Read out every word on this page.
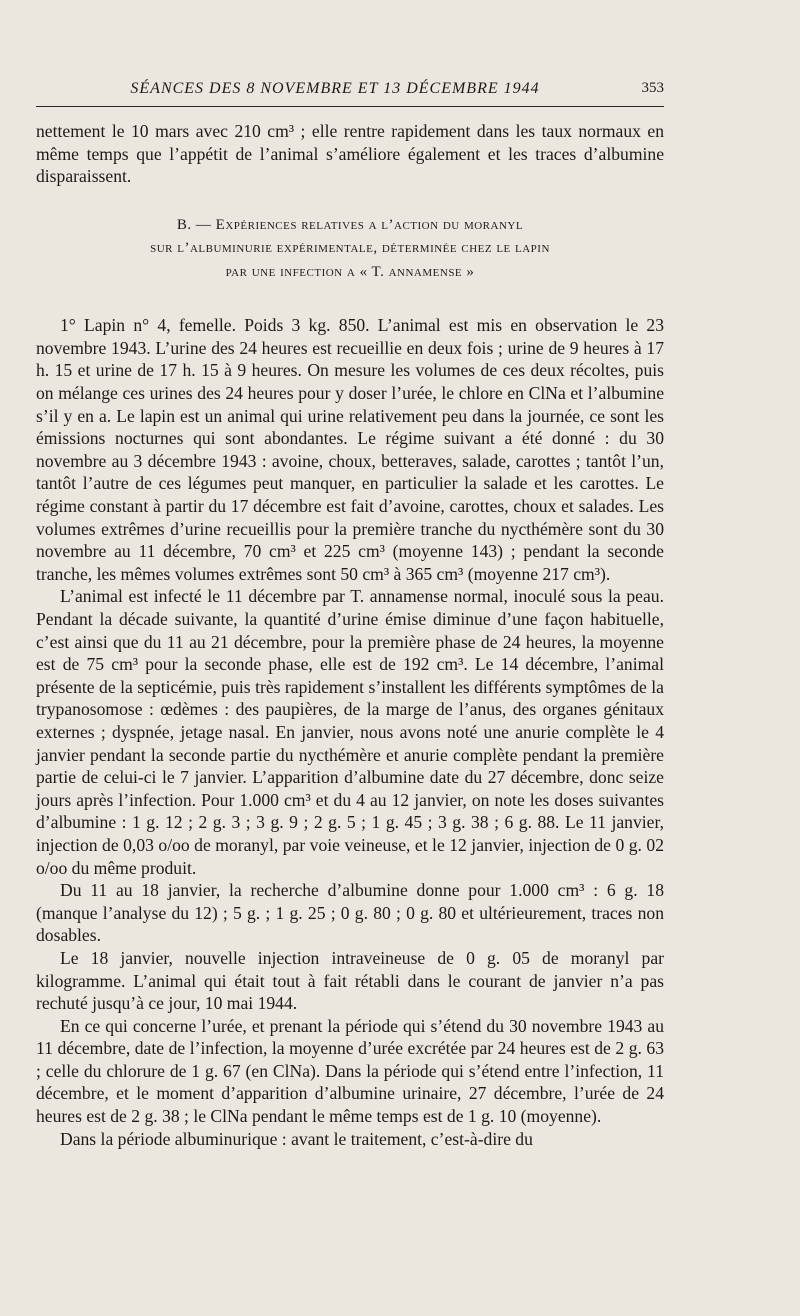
SÉANCES DES 8 NOVEMBRE ET 13 DÉCEMBRE 1944	353

nettement le 10 mars avec 210 cm³ ; elle rentre rapidement dans les taux normaux en même temps que l’appétit de l’animal s’améliore également et les traces d’albumine disparaissent.

B. — Expériences relatives a l’action du moranyl
sur l’albuminurie expérimentale, déterminée chez le lapin
par une infection a « T. annamense »

1° Lapin n° 4, femelle. Poids 3 kg. 850. L’animal est mis en observation le 23 novembre 1943. L’urine des 24 heures est recueillie en deux fois ; urine de 9 heures à 17 h. 15 et urine de 17 h. 15 à 9 heures. On mesure les volumes de ces deux récoltes, puis on mélange ces urines des 24 heures pour y doser l’urée, le chlore en ClNa et l’albumine s’il y en a. Le lapin est un animal qui urine relativement peu dans la journée, ce sont les émissions nocturnes qui sont abondantes. Le régime suivant a été donné : du 30 novembre au 3 décembre 1943 : avoine, choux, betteraves, salade, carottes ; tantôt l’un, tantôt l’autre de ces légumes peut manquer, en particulier la salade et les carottes. Le régime constant à partir du 17 décembre est fait d’avoine, carottes, choux et salades. Les volumes extrêmes d’urine recueillis pour la première tranche du nycthémère sont du 30 novembre au 11 décembre, 70 cm³ et 225 cm³ (moyenne 143) ; pendant la seconde tranche, les mêmes volumes extrêmes sont 50 cm³ à 365 cm³ (moyenne 217 cm³).

L’animal est infecté le 11 décembre par T. annamense normal, inoculé sous la peau. Pendant la décade suivante, la quantité d’urine émise diminue d’une façon habituelle, c’est ainsi que du 11 au 21 décembre, pour la première phase de 24 heures, la moyenne est de 75 cm³ pour la seconde phase, elle est de 192 cm³. Le 14 décembre, l’animal présente de la septicémie, puis très rapidement s’installent les différents symptômes de la trypanosomose : œdèmes : des paupières, de la marge de l’anus, des organes génitaux externes ; dyspnée, jetage nasal. En janvier, nous avons noté une anurie complète le 4 janvier pendant la seconde partie du nycthémère et anurie complète pendant la première partie de celui-ci le 7 janvier. L’apparition d’albumine date du 27 décembre, donc seize jours après l’infection. Pour 1.000 cm³ et du 4 au 12 janvier, on note les doses suivantes d’albumine : 1 g. 12 ; 2 g. 3 ; 3 g. 9 ; 2 g. 5 ; 1 g. 45 ; 3 g. 38 ; 6 g. 88. Le 11 janvier, injection de 0,03 o/oo de moranyl, par voie veineuse, et le 12 janvier, injection de 0 g. 02 o/oo du même produit.

Du 11 au 18 janvier, la recherche d’albumine donne pour 1.000 cm³ : 6 g. 18 (manque l’analyse du 12) ; 5 g. ; 1 g. 25 ; 0 g. 80 ; 0 g. 80 et ultérieurement, traces non dosables.

Le 18 janvier, nouvelle injection intraveineuse de 0 g. 05 de moranyl par kilogramme. L’animal qui était tout à fait rétabli dans le courant de janvier n’a pas rechuté jusqu’à ce jour, 10 mai 1944.

En ce qui concerne l’urée, et prenant la période qui s’étend du 30 novembre 1943 au 11 décembre, date de l’infection, la moyenne d’urée excrétée par 24 heures est de 2 g. 63 ; celle du chlorure de 1 g. 67 (en ClNa). Dans la période qui s’étend entre l’infection, 11 décembre, et le moment d’apparition d’albumine urinaire, 27 décembre, l’urée de 24 heures est de 2 g. 38 ; le ClNa pendant le même temps est de 1 g. 10 (moyenne).

Dans la période albuminurique : avant le traitement, c’est-à-dire du
